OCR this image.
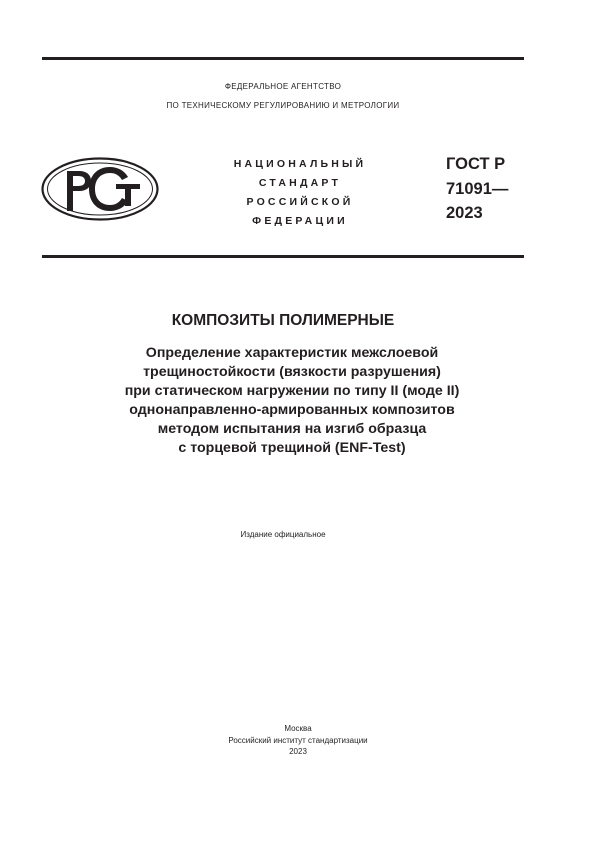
ФЕДЕРАЛЬНОЕ АГЕНТСТВО
ПО ТЕХНИЧЕСКОМУ РЕГУЛИРОВАНИЮ И МЕТРОЛОГИИ
НАЦИОНАЛЬНЫЙ
СТАНДАРТ
РОССИЙСКОЙ
ФЕДЕРАЦИИ
ГОСТ Р
71091—
2023
КОМПОЗИТЫ ПОЛИМЕРНЫЕ
Определение характеристик межслоевой
трещиностойкости (вязкости разрушения)
при статическом нагружении по типу II (моде II)
однонаправленно-армированных композитов
методом испытания на изгиб образца
с торцевой трещиной (ENF-Test)
Издание официальное
Москва
Российский институт стандартизации
2023
